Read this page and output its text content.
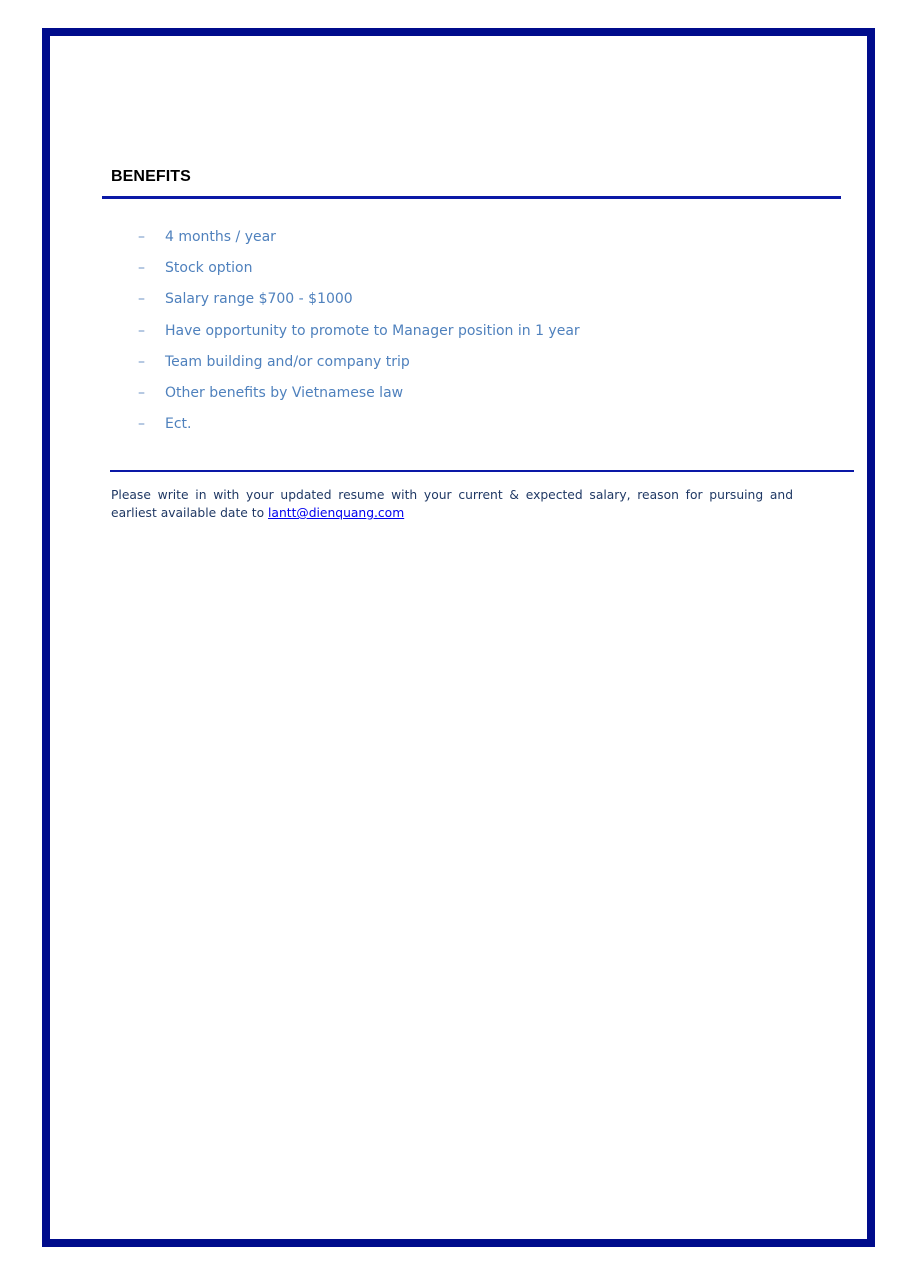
BENEFITS
– 4 months / year
– Stock option
– Salary range $700 - $1000
– Have opportunity to promote to Manager position in 1 year
– Team building and/or company trip
– Other benefits by Vietnamese law
– Ect.

Please write in with your updated resume with your current & expected salary, reason for pursuing and earliest available date to lantt@dienquang.com
